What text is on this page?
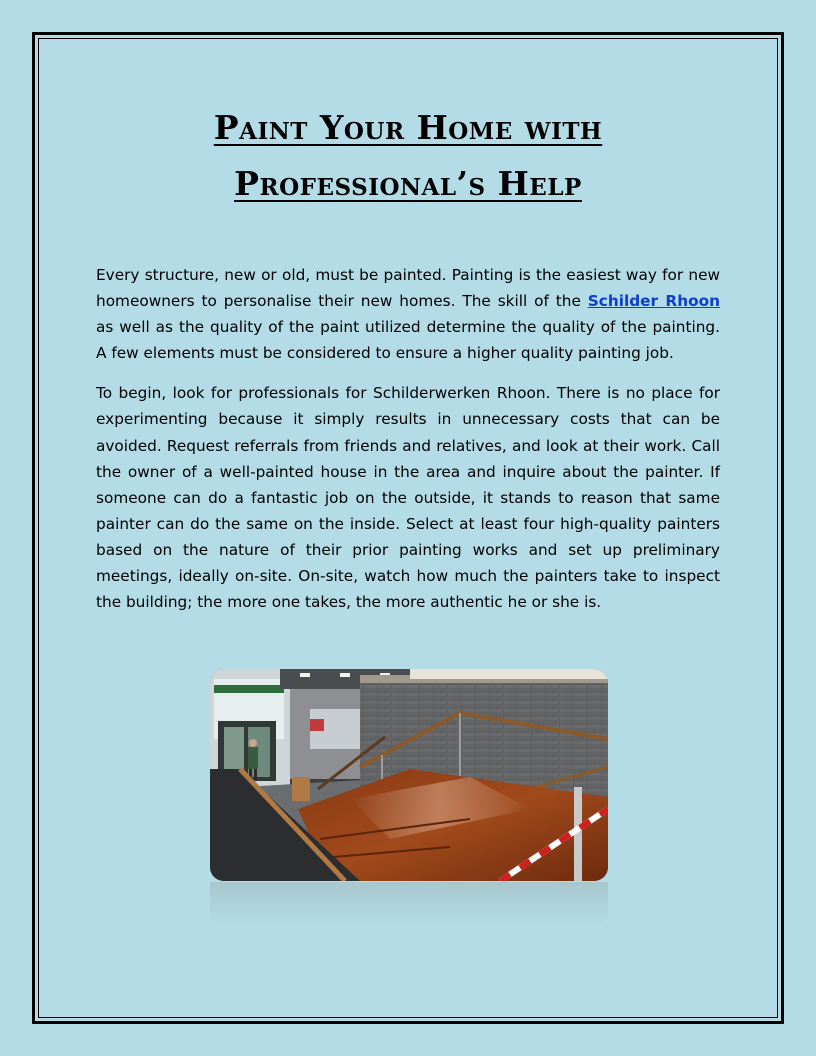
Paint Your Home with
Professional’s Help

Every structure, new or old, must be painted. Painting is the easiest way for new homeowners to personalise their new homes. The skill of the Schilder Rhoon as well as the quality of the paint utilized determine the quality of the painting. A few elements must be considered to ensure a higher quality painting job.

To begin, look for professionals for Schilderwerken Rhoon. There is no place for experimenting because it simply results in unnecessary costs that can be avoided. Request referrals from friends and relatives, and look at their work. Call the owner of a well-painted house in the area and inquire about the painter. If someone can do a fantastic job on the outside, it stands to reason that same painter can do the same on the inside. Select at least four high-quality painters based on the nature of their prior painting works and set up preliminary meetings, ideally on-site. On-site, watch how much the painters take to inspect the building; the more one takes, the more authentic he or she is.
